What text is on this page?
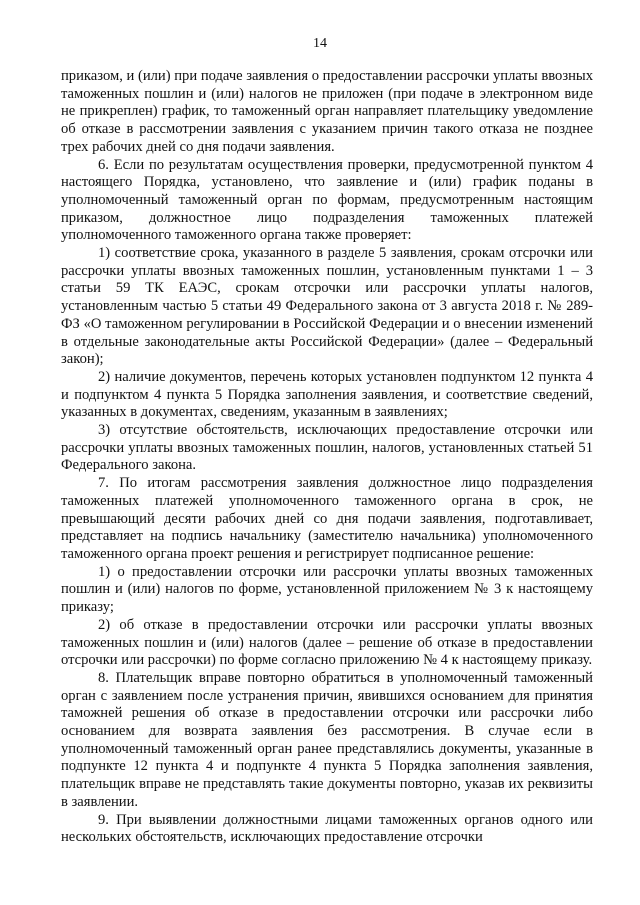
14

приказом, и (или) при подаче заявления о предоставлении рассрочки уплаты ввозных таможенных пошлин и (или) налогов не приложен (при подаче в электронном виде не прикреплен) график, то таможенный орган направляет плательщику уведомление об отказе в рассмотрении заявления с указанием причин такого отказа не позднее трех рабочих дней со дня подачи заявления.

6. Если по результатам осуществления проверки, предусмотренной пунктом 4 настоящего Порядка, установлено, что заявление и (или) график поданы в уполномоченный таможенный орган по формам, предусмотренным настоящим приказом, должностное лицо подразделения таможенных платежей уполномоченного таможенного органа также проверяет:

1) соответствие срока, указанного в разделе 5 заявления, срокам отсрочки или рассрочки уплаты ввозных таможенных пошлин, установленным пунктами 1 – 3 статьи 59 ТК ЕАЭС, срокам отсрочки или рассрочки уплаты налогов, установленным частью 5 статьи 49 Федерального закона от 3 августа 2018 г. № 289-ФЗ «О таможенном регулировании в Российской Федерации и о внесении изменений в отдельные законодательные акты Российской Федерации» (далее – Федеральный закон);

2) наличие документов, перечень которых установлен подпунктом 12 пункта 4 и подпунктом 4 пункта 5 Порядка заполнения заявления, и соответствие сведений, указанных в документах, сведениям, указанным в заявлениях;

3) отсутствие обстоятельств, исключающих предоставление отсрочки или рассрочки уплаты ввозных таможенных пошлин, налогов, установленных статьей 51 Федерального закона.

7. По итогам рассмотрения заявления должностное лицо подразделения таможенных платежей уполномоченного таможенного органа в срок, не превышающий десяти рабочих дней со дня подачи заявления, подготавливает, представляет на подпись начальнику (заместителю начальника) уполномоченного таможенного органа проект решения и регистрирует подписанное решение:

1) о предоставлении отсрочки или рассрочки уплаты ввозных таможенных пошлин и (или) налогов по форме, установленной приложением № 3 к настоящему приказу;

2) об отказе в предоставлении отсрочки или рассрочки уплаты ввозных таможенных пошлин и (или) налогов (далее – решение об отказе в предоставлении отсрочки или рассрочки) по форме согласно приложению № 4 к настоящему приказу.

8. Плательщик вправе повторно обратиться в уполномоченный таможенный орган с заявлением после устранения причин, явившихся основанием для принятия таможней решения об отказе в предоставлении отсрочки или рассрочки либо основанием для возврата заявления без рассмотрения. В случае если в уполномоченный таможенный орган ранее представлялись документы, указанные в подпункте 12 пункта 4 и подпункте 4 пункта 5 Порядка заполнения заявления, плательщик вправе не представлять такие документы повторно, указав их реквизиты в заявлении.

9. При выявлении должностными лицами таможенных органов одного или нескольких обстоятельств, исключающих предоставление отсрочки
